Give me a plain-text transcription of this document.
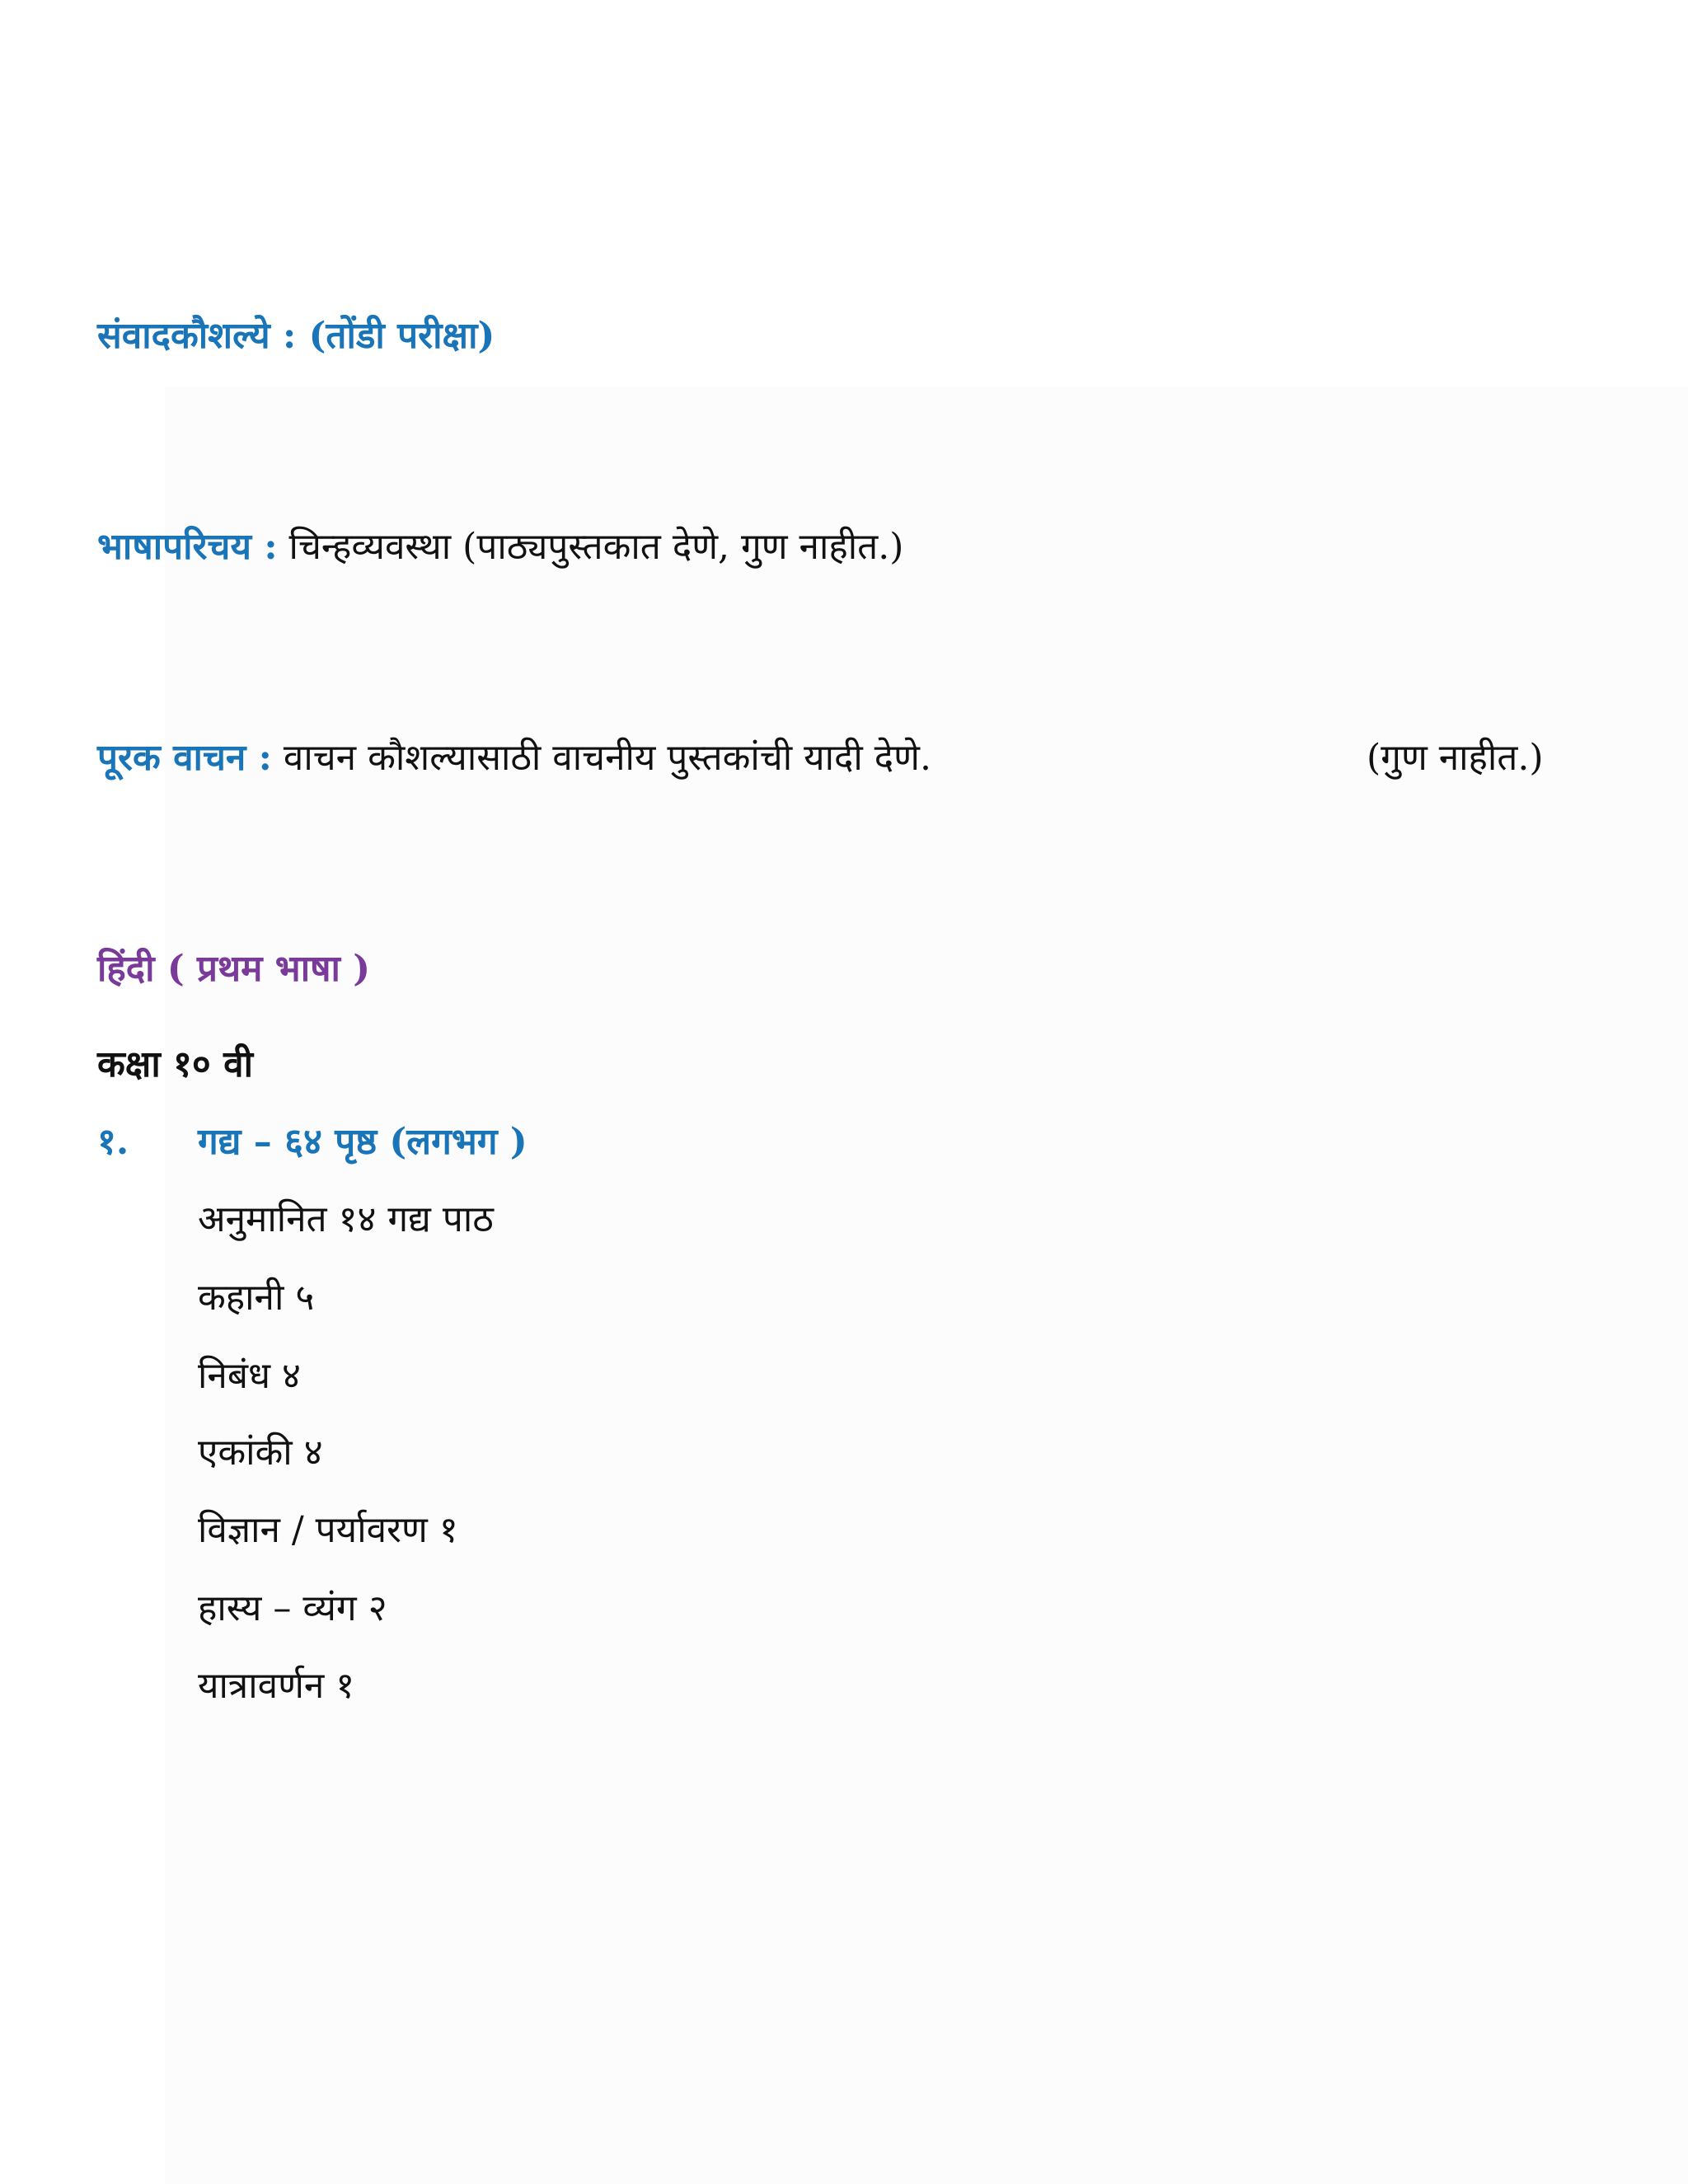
संवादकौशल्ये : (तोंडी परीक्षा)
भाषापरिचय : चिन्हव्यवस्था (पाठ्यपुस्तकात देणे, गुण नाहीत.)
पूरक वाचन : वाचन कौशल्यासाठी वाचनीय पुस्तकांची यादी देणे.	(गुण नाहीत.)
हिंदी ( प्रथम भाषा )
कक्षा १० वी
१. गद्य – ६४ पृष्ठ (लगभग )
अनुमानित १४ गद्य पाठ
कहानी ५
निबंध ४
एकांकी ४
विज्ञान / पर्यावरण १
हास्य – व्यंग २
यात्रावर्णन १
